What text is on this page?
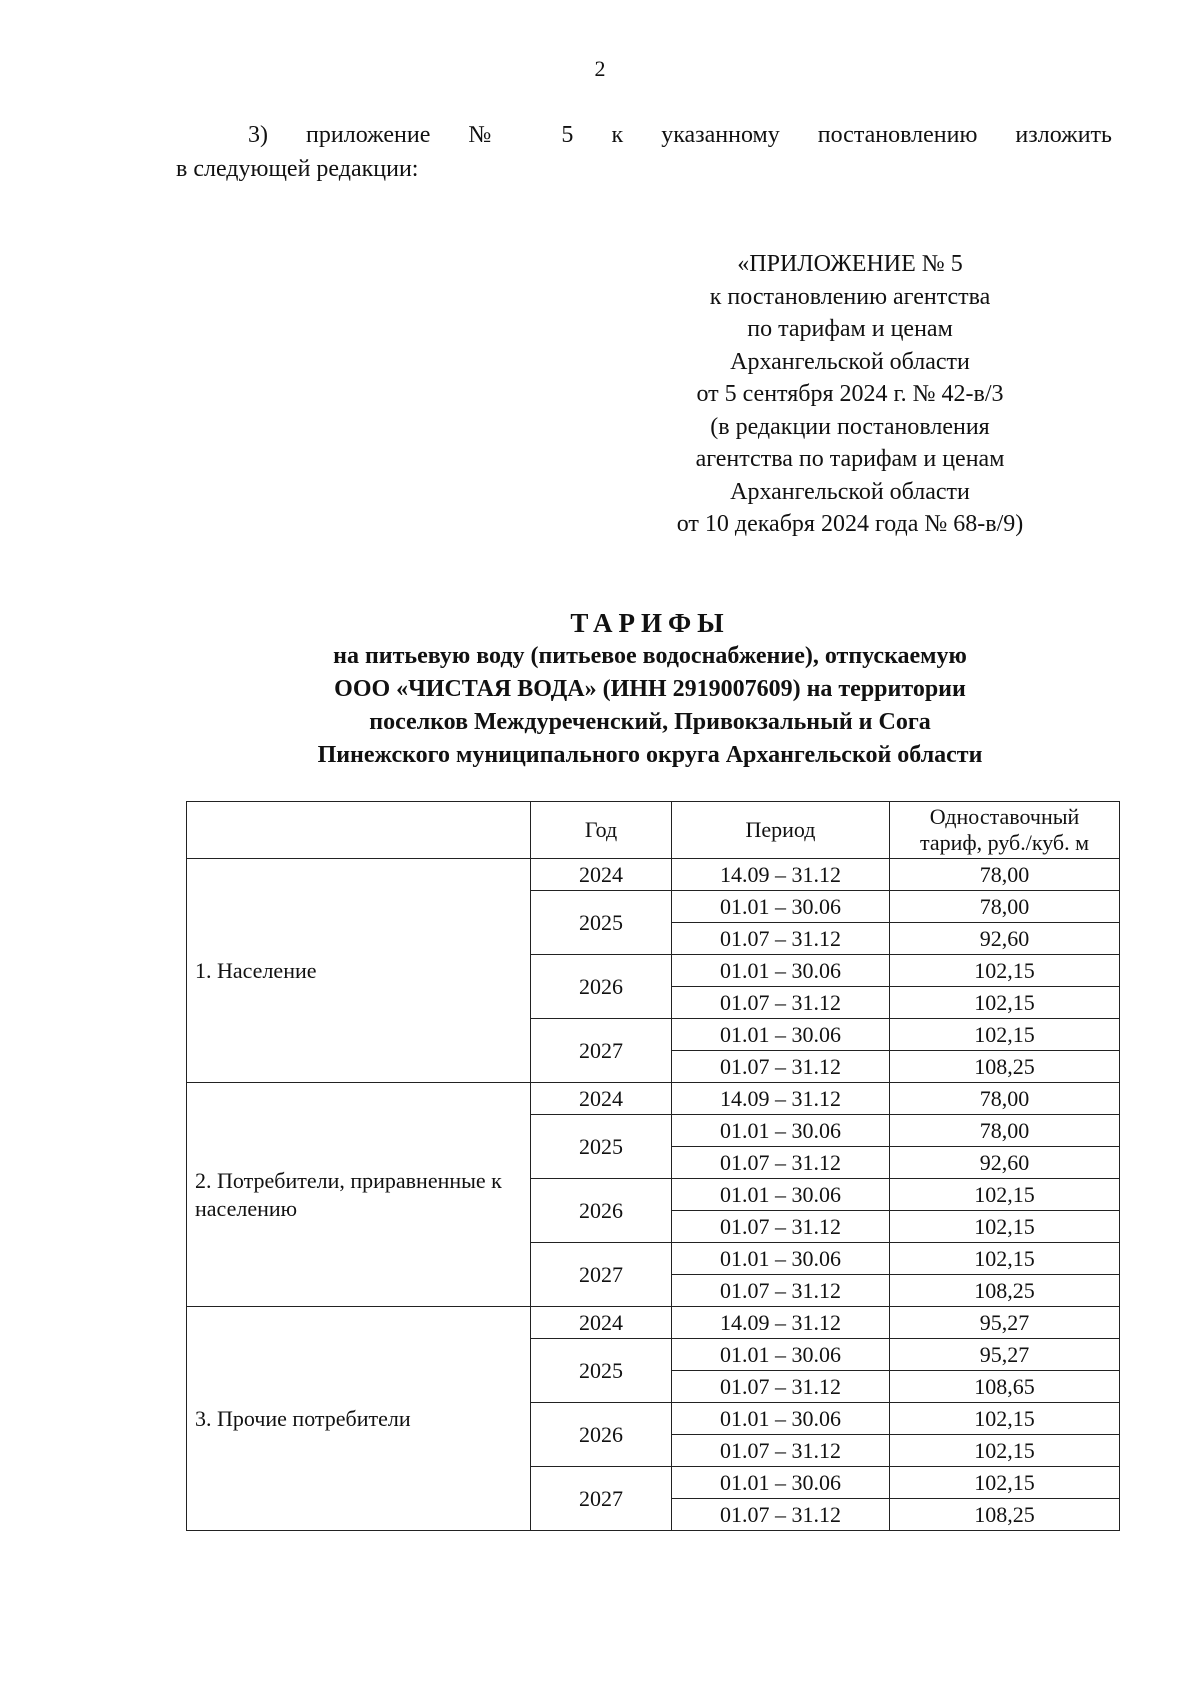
2
3) приложение № 5 к указанному постановлению изложить
в следующей редакции:
«ПРИЛОЖЕНИЕ № 5
к постановлению агентства
по тарифам и ценам
Архангельской области
от 5 сентября 2024 г. № 42-в/3
(в редакции постановления
агентства по тарифам и ценам
Архангельской области
от 10 декабря 2024 года № 68-в/9)
ТАРИФЫ
на питьевую воду (питьевое водоснабжение), отпускаемую
ООО «ЧИСТАЯ ВОДА» (ИНН 2919007609) на территории
поселков Междуреченский, Привокзальный и Сога
Пинежского муниципального округа Архангельской области
	Год	Период	Одноставочный тариф, руб./куб. м
1. Население	2024	14.09 – 31.12	78,00
	2025	01.01 – 30.06	78,00
		01.07 – 31.12	92,60
	2026	01.01 – 30.06	102,15
		01.07 – 31.12	102,15
	2027	01.01 – 30.06	102,15
		01.07 – 31.12	108,25
2. Потребители, приравненные к населению	2024	14.09 – 31.12	78,00
	2025	01.01 – 30.06	78,00
		01.07 – 31.12	92,60
	2026	01.01 – 30.06	102,15
		01.07 – 31.12	102,15
	2027	01.01 – 30.06	102,15
		01.07 – 31.12	108,25
3. Прочие потребители	2024	14.09 – 31.12	95,27
	2025	01.01 – 30.06	95,27
		01.07 – 31.12	108,65
	2026	01.01 – 30.06	102,15
		01.07 – 31.12	102,15
	2027	01.01 – 30.06	102,15
		01.07 – 31.12	108,25
